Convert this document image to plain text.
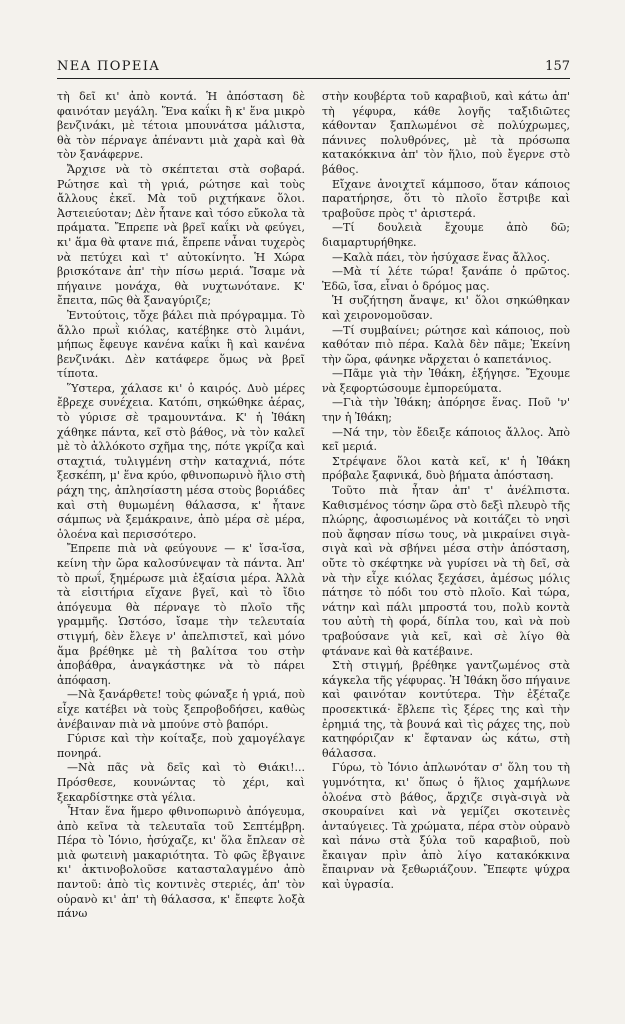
ΝΕΑ ΠΟΡΕΙΑ	157

τὴ δεῖ κι' ἀπὸ κοντά. Ἡ ἀπόσταση δὲ φαινόταν μεγάλη. Ἕνα καΐκι ἢ κ' ἕνα μικρὸ βενζινάκι, μὲ τέτοια μπουνάτσα μάλιστα, θὰ τὸν πέρναγε ἀπέναντι μιὰ χαρὰ καὶ θὰ τὸν ξανάφερνε.

Ἄρχισε νὰ τὸ σκέπτεται στὰ σοβαρά. Ρώτησε καὶ τὴ γριά, ρώτησε καὶ τοὺς ἄλλους ἐκεῖ. Μὰ τοῦ ριχτήκανε ὅλοι. Ἀστειεύοταν; Δὲν ἦτανε καὶ τόσο εὔκολα τὰ πράματα. Ἔπρεπε νὰ βρεῖ καΐκι νὰ φεύγει, κι' ἅμα θὰ φτανε πιά, ἔπρεπε νἆναι τυχερὸς νὰ πετύχει καὶ τ' αὐτοκίνητο. Ἡ Χώρα βρισκότανε ἀπ' τὴν πίσω μεριά. Ἴσαμε νὰ πήγαινε μονάχα, θὰ νυχτωνότανε. Κ' ἔπειτα, πῶς θὰ ξαναγύριζε;

Ἐντούτοις, τὄχε βάλει πιὰ πρόγραμμα. Τὸ ἄλλο πρωῒ κιόλας, κατέβηκε στὸ λιμάνι, μήπως ἔφευγε κανένα καΐκι ἢ καὶ κανένα βενζινάκι. Δὲν κατάφερε ὅμως νὰ βρεῖ τίποτα.

Ὕστερα, χάλασε κι' ὁ καιρός. Δυὸ μέρες ἔβρεχε συνέχεια. Κατόπι, σηκώθηκε ἀέρας, τὸ γύρισε σὲ τραμουντάνα. Κ' ἡ Ἰθάκη χάθηκε πάντα, κεῖ στὸ βάθος, νὰ τὸν καλεῖ μὲ τὸ ἀλλόκοτο σχῆμα της, πότε γκρίζα καὶ σταχτιά, τυλιγμένη στὴν καταχνιά, πότε ξεσκέπη, μ' ἕνα κρύο, φθινοπωρινὸ ἥλιο στὴ ράχη της, ἀπλησίαστη μέσα στοὺς βοριάδες καὶ στὴ θυμωμένη θάλασσα, κ' ἦτανε σάμπως νὰ ξεμάκραινε, ἀπὸ μέρα σὲ μέρα, ὁλοένα καὶ περισσότερο.

Ἔπρεπε πιὰ νὰ φεύγουνε — κ' ἴσα-ἴσα, κείνη τὴν ὥρα καλοσύνεψαν τὰ πάντα. Ἀπ' τὸ πρωΐ, ξημέρωσε μιὰ ἐξαίσια μέρα. Ἀλλὰ τὰ εἰσιτήρια εἴχανε βγεῖ, καὶ τὸ ἴδιο ἀπόγευμα θὰ πέρναγε τὸ πλοῖο τῆς γραμμῆς. Ὡστόσο, ἴσαμε τὴν τελευταία στιγμή, δὲν ἔλεγε ν' ἀπελπιστεῖ, καὶ μόνο ἅμα βρέθηκε μὲ τὴ βαλίτσα του στὴν ἀποβάθρα, ἀναγκάστηκε νὰ τὸ πάρει ἀπόφαση.

—Νὰ ξανάρθετε! τοὺς φώναξε ἡ γριά, ποὺ εἶχε κατέβει νὰ τοὺς ξεπροβοδήσει, καθὼς ἀνέβαιναν πιὰ νὰ μπούνε στὸ βαπόρι.

Γύρισε καὶ τὴν κοίταξε, ποὺ χαμογέλαγε πονηρά.

—Νὰ πᾶς νὰ δεῖς καὶ τὸ Θιάκι!... Πρόσθεσε, κουνώντας τὸ χέρι, καὶ ξεκαρδίστηκε στὰ γέλια.

Ἦταν ἕνα ἥμερο φθινοπωρινὸ ἀπόγευμα, ἀπὸ κεῖνα τὰ τελευταῖα τοῦ Σεπτέμβρη. Πέρα τὸ Ἰόνιο, ἡσύχαζε, κι' ὅλα ἔπλεαν σὲ μιὰ φωτεινὴ μακαριότητα. Τὸ φῶς ἔβγαινε κι' ἀκτινοβολοῦσε κατασταλαγμένο ἀπὸ παντοῦ: ἀπὸ τὶς κοντινὲς στεριές, ἀπ' τὸν οὐρανὸ κι' ἀπ' τὴ θάλασσα, κ' ἔπεφτε λοξὰ πάνω

στὴν κουβέρτα τοῦ καραβιοῦ, καὶ κάτω ἀπ' τὴ γέφυρα, κάθε λογῆς ταξιδιῶτες κάθονταν ξαπλωμένοι σὲ πολύχρωμες, πάνινες πολυθρόνες, μὲ τὰ πρόσωπα κατακόκκινα ἀπ' τὸν ἥλιο, ποὺ ἔγερνε στὸ βάθος.

Εἴχανε ἀνοιχτεῖ κάμποσο, ὅταν κάποιος παρατήρησε, ὅτι τὸ πλοῖο ἔστριβε καὶ τραβοῦσε πρὸς τ' ἀριστερά.

—Τί δουλειὰ ἔχουμε ἀπὸ δῶ; διαμαρτυρήθηκε.

—Καλὰ πάει, τὸν ἡσύχασε ἕνας ἄλλος.

—Μὰ τί λέτε τώρα! ξανάπε ὁ πρῶτος. Ἐδῶ, ἴσα, εἶναι ὁ δρόμος μας.

Ἡ συζήτηση ἄναψε, κι' ὅλοι σηκώθηκαν καὶ χειρονομοῦσαν.

—Τί συμβαίνει; ρώτησε καὶ κάποιος, ποὺ καθόταν πιὸ πέρα. Καλὰ δὲν πᾶμε; Ἐκείνη τὴν ὥρα, φάνηκε νἄρχεται ὁ καπετάνιος.

—Πᾶμε γιὰ τὴν Ἰθάκη, ἐξήγησε. Ἔχουμε νὰ ξεφορτώσουμε ἐμπορεύματα.

—Γιὰ τὴν Ἰθάκη; ἀπόρησε ἕνας. Ποῦ 'ν' την ἡ Ἰθάκη;

—Νά την, τὸν ἔδειξε κάποιος ἄλλος. Ἀπὸ κεῖ μεριά.

Στρέψανε ὅλοι κατὰ κεῖ, κ' ἡ Ἰθάκη πρόβαλε ξαφνικά, δυὸ βήματα ἀπόσταση.

Τοῦτο πιὰ ἦταν ἀπ' τ' ἀνέλπιστα. Καθισμένος τόσην ὥρα στὸ δεξὶ πλευρὸ τῆς πλώρης, ἀφοσιωμένος νὰ κοιτάζει τὸ νησὶ ποὺ ἄφησαν πίσω τους, νὰ μικραίνει σιγὰ-σιγὰ καὶ νὰ σβήνει μέσα στὴν ἀπόσταση, οὔτε τὸ σκέφτηκε νὰ γυρίσει νὰ τὴ δεῖ, σὰ νὰ τὴν εἶχε κιόλας ξεχάσει, ἀμέσως μόλις πάτησε τὸ πόδι του στὸ πλοῖο. Καὶ τώρα, νάτην καὶ πάλι μπροστά του, πολὺ κοντὰ του αὐτὴ τὴ φορά, δίπλα του, καὶ νὰ ποὺ τραβούσανε γιὰ κεῖ, καὶ σὲ λίγο θὰ φτάνανε καὶ θὰ κατέβαινε.

Στὴ στιγμή, βρέθηκε γαντζωμένος στὰ κάγκελα τῆς γέφυρας. Ἡ Ἰθάκη ὅσο πήγαινε καὶ φαινόταν κοντύτερα. Τὴν ἐξέταζε προσεκτικά· ἔβλεπε τὶς ξέρες της καὶ τὴν ἐρημιά της, τὰ βουνά καὶ τὶς ράχες της, ποὺ κατηφόριζαν κ' ἔφταναν ὡς κάτω, στὴ θάλασσα.

Γύρω, τὸ Ἰόνιο ἁπλωνόταν σ' ὅλη του τὴ γυμνότητα, κι' ὅπως ὁ ἥλιος χαμήλωνε ὁλοένα στὸ βάθος, ἄρχιζε σιγὰ-σιγὰ νὰ σκουραίνει καὶ νὰ γεμίζει σκοτεινὲς ἀνταύγειες. Τὰ χρώματα, πέρα στὸν οὐρανὸ καὶ πάνω στὰ ξύλα τοῦ καραβιοῦ, ποὺ ἔκαιγαν πρὶν ἀπὸ λίγο κατακόκκινα ἔπαιρναν νὰ ξεθωριάζουν. Ἔπεφτε ψύχρα καὶ ὑγρασία.
